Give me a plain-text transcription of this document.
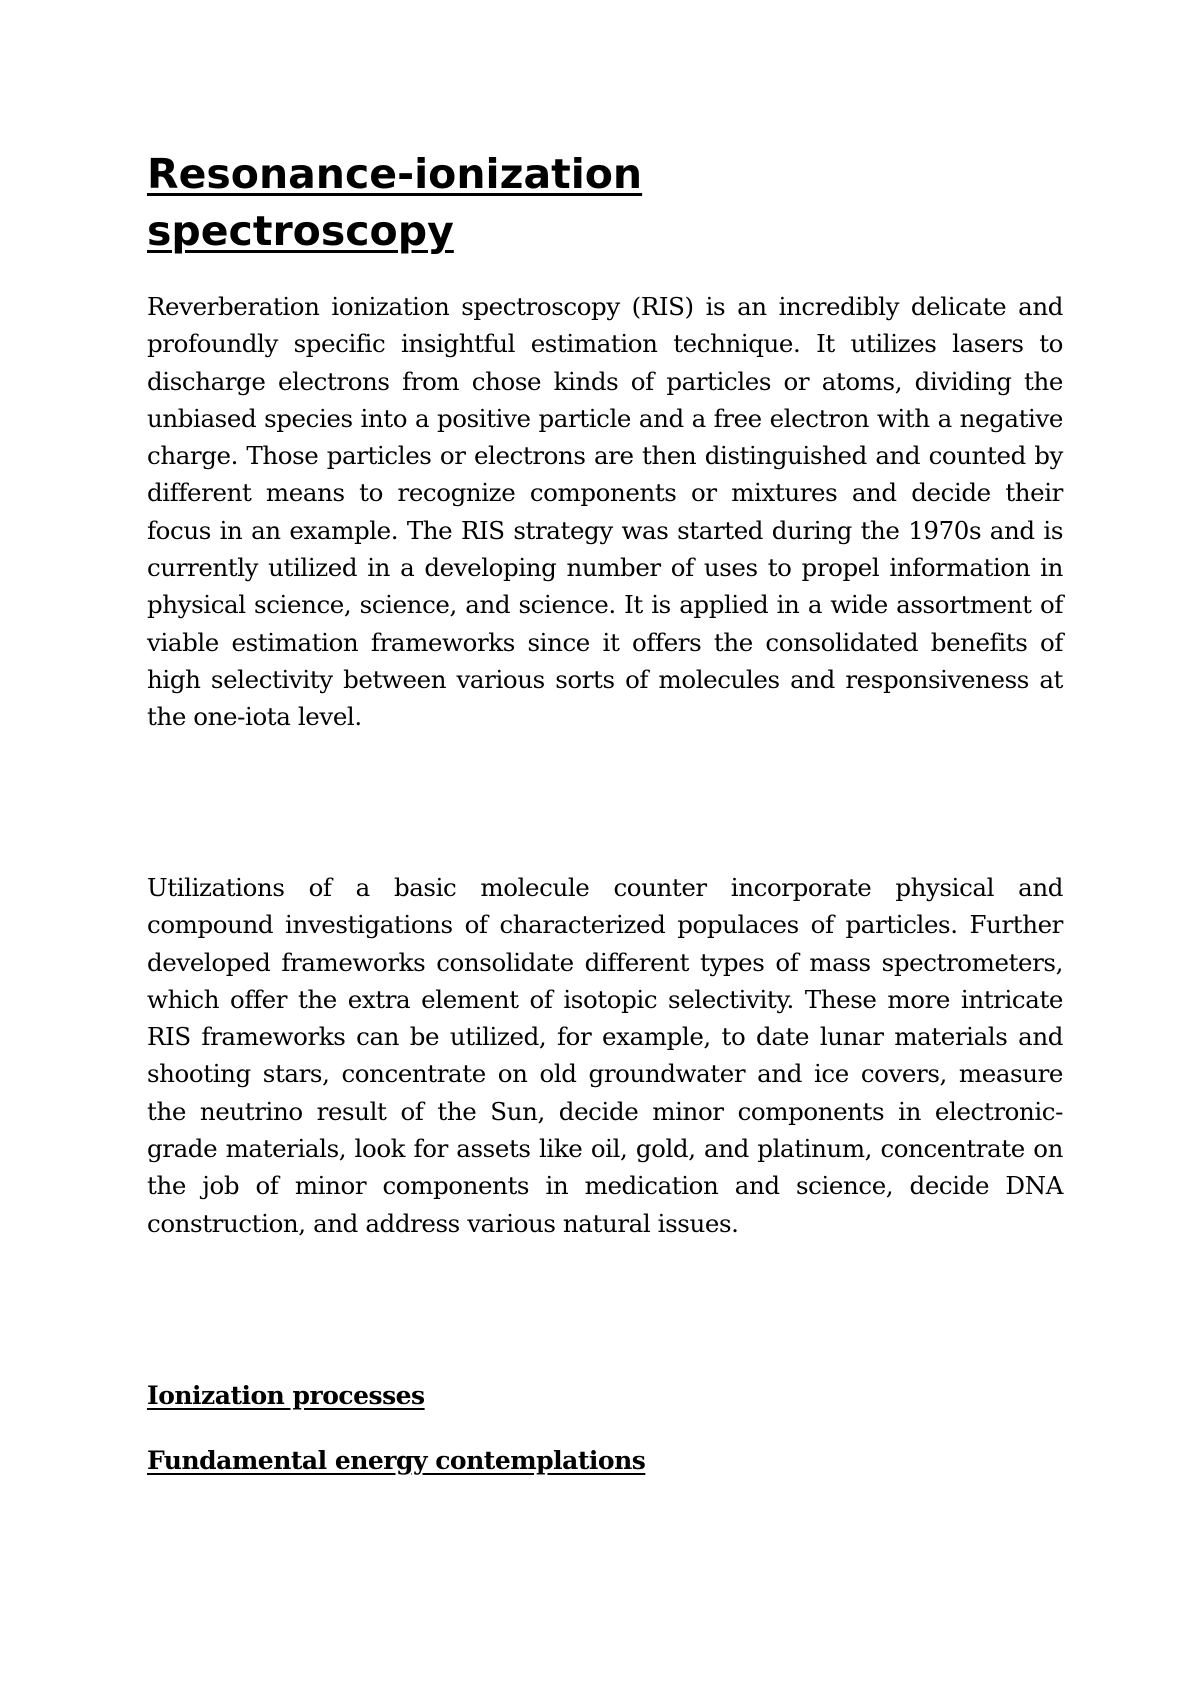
Resonance-ionization spectroscopy

Reverberation ionization spectroscopy (RIS) is an incredibly delicate and profoundly specific insightful estimation technique. It utilizes lasers to discharge electrons from chose kinds of particles or atoms, dividing the unbiased species into a positive particle and a free electron with a negative charge. Those particles or electrons are then distinguished and counted by different means to recognize components or mixtures and decide their focus in an example. The RIS strategy was started during the 1970s and is currently utilized in a developing number of uses to propel information in physical science, science, and science. It is applied in a wide assortment of viable estimation frameworks since it offers the consolidated benefits of high selectivity between various sorts of molecules and responsiveness at the one-iota level.

Utilizations of a basic molecule counter incorporate physical and compound investigations of characterized populaces of particles. Further developed frameworks consolidate different types of mass spectrometers, which offer the extra element of isotopic selectivity. These more intricate RIS frameworks can be utilized, for example, to date lunar materials and shooting stars, concentrate on old groundwater and ice covers, measure the neutrino result of the Sun, decide minor components in electronic-grade materials, look for assets like oil, gold, and platinum, concentrate on the job of minor components in medication and science, decide DNA construction, and address various natural issues.

Ionization processes
Fundamental energy contemplations
